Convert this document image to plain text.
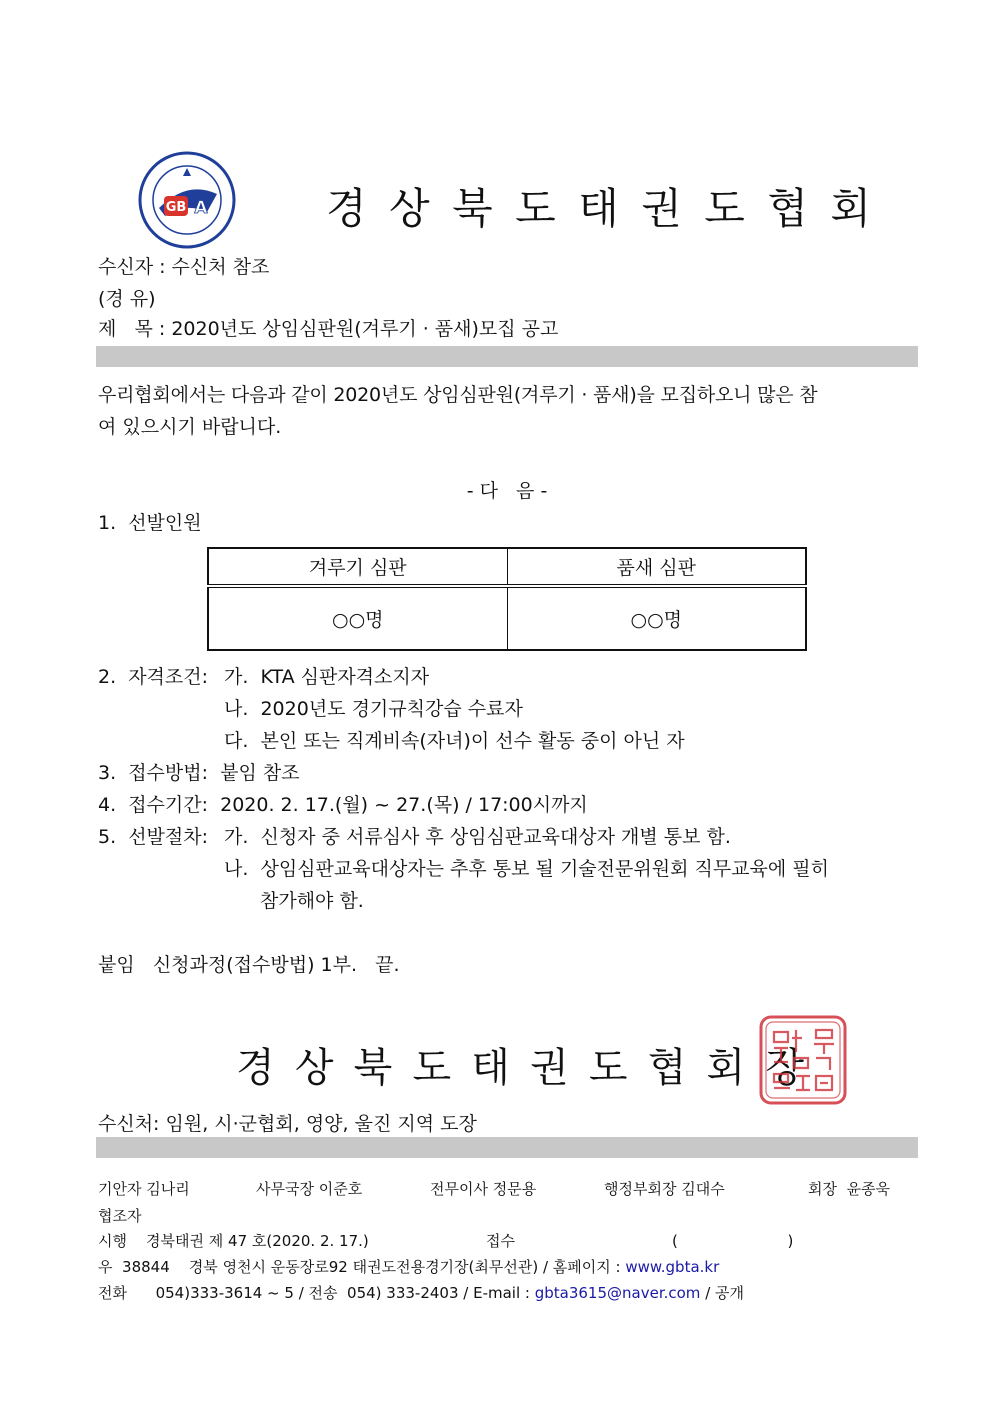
GB A	경 상 북 도 태 권 도 협 회
수신자 : 수신처 참조
(경 유)
제   목 : 2020년도 상임심판원(겨루기 · 품새)모집 공고
우리협회에서는 다음과 같이 2020년도 상임심판원(겨루기 · 품새)을 모집하오니 많은 참
여 있으시기 바랍니다.
- 다   음 -
1.  선발인원
겨루기 심판	품새 심판
○○명	○○명
2.  자격조건: 가.  KTA 심판자격소지자
나.  2020년도 경기규칙강습 수료자
다.  본인 또는 직계비속(자녀)이 선수 활동 중이 아닌 자
3.  접수방법:  붙임 참조
4.  접수기간:  2020. 2. 17.(월) ~ 27.(목) / 17:00시까지
5.  선발절차: 가.  신청자 중 서류심사 후 상임심판교육대상자 개별 통보 함.
나.  상임심판교육대상자는 추후 통보 될 기술전문위원회 직무교육에 필히
참가해야 함.
붙임   신청과정(접수방법) 1부.   끝.
경 상 북 도 태 권 도 협 회 장
수신처: 임원, 시·군협회, 영양, 울진 지역 도장
기안자 김나리	사무국장 이준호	전무이사 정문용	행정부회장 김대수	회장 윤종욱
협조자
시행    경북태권 제 47 호(2020. 2. 17.)	접수	(                       )
우  38844    경북 영천시 운동장로92 태권도전용경기장(최무선관) / 홈페이지 : www.gbta.kr
전화      054)333-3614 ~ 5 / 전송  054) 333-2403 / E-mail : gbta3615@naver.com / 공개
